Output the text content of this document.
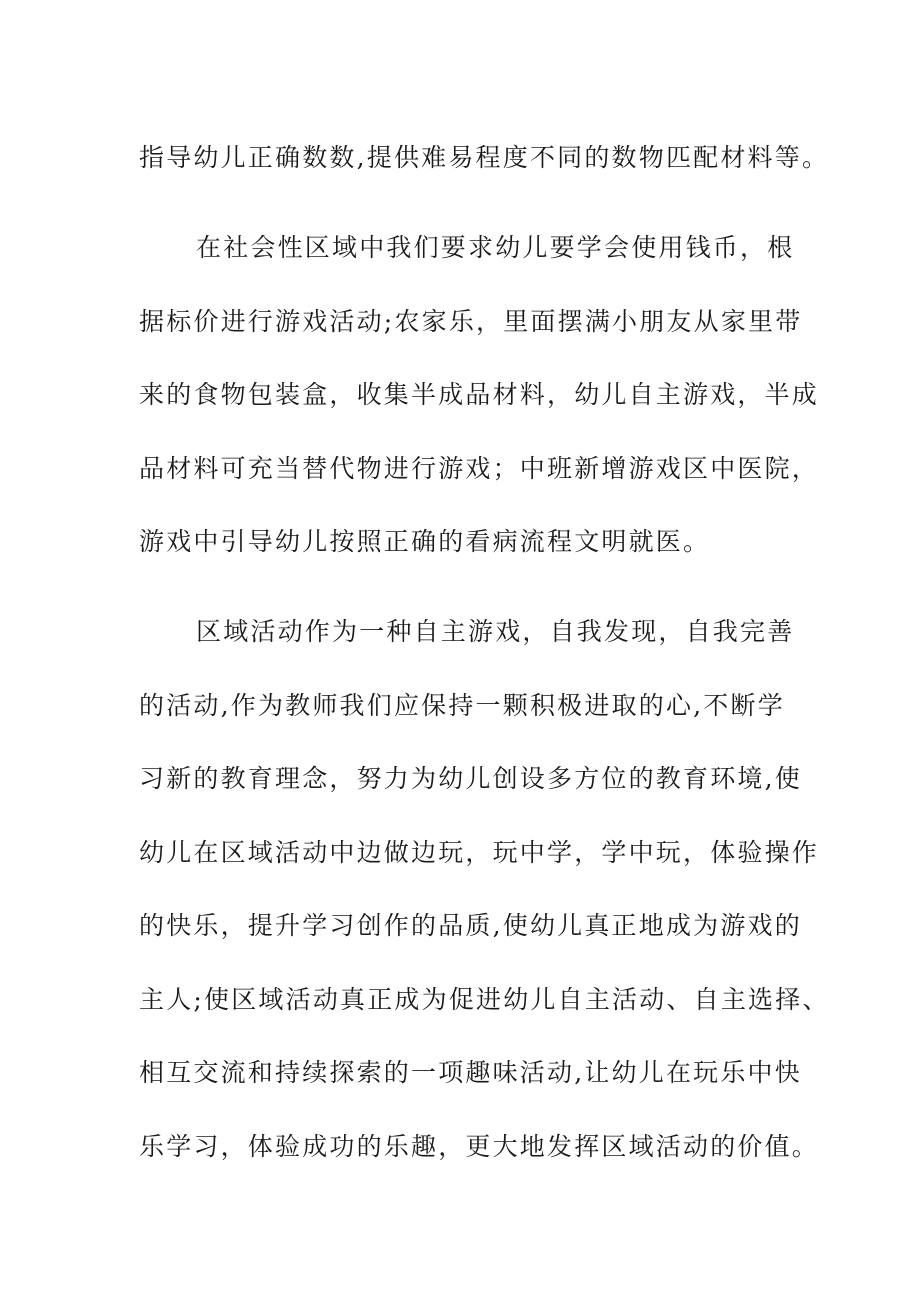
指导幼儿正确数数,提供难易程度不同的数物匹配材料等。
在社会性区域中我们要求幼儿要学会使用钱币，根
据标价进行游戏活动;农家乐，里面摆满小朋友从家里带
来的食物包装盒，收集半成品材料，幼儿自主游戏，半成
品材料可充当替代物进行游戏；中班新增游戏区中医院，
游戏中引导幼儿按照正确的看病流程文明就医。
区域活动作为一种自主游戏，自我发现，自我完善
的活动,作为教师我们应保持一颗积极进取的心,不断学
习新的教育理念，努力为幼儿创设多方位的教育环境,使
幼儿在区域活动中边做边玩，玩中学，学中玩，体验操作
的快乐，提升学习创作的品质,使幼儿真正地成为游戏的
主人;使区域活动真正成为促进幼儿自主活动、自主选择、
相互交流和持续探索的一项趣味活动,让幼儿在玩乐中快
乐学习，体验成功的乐趣，更大地发挥区域活动的价值。
